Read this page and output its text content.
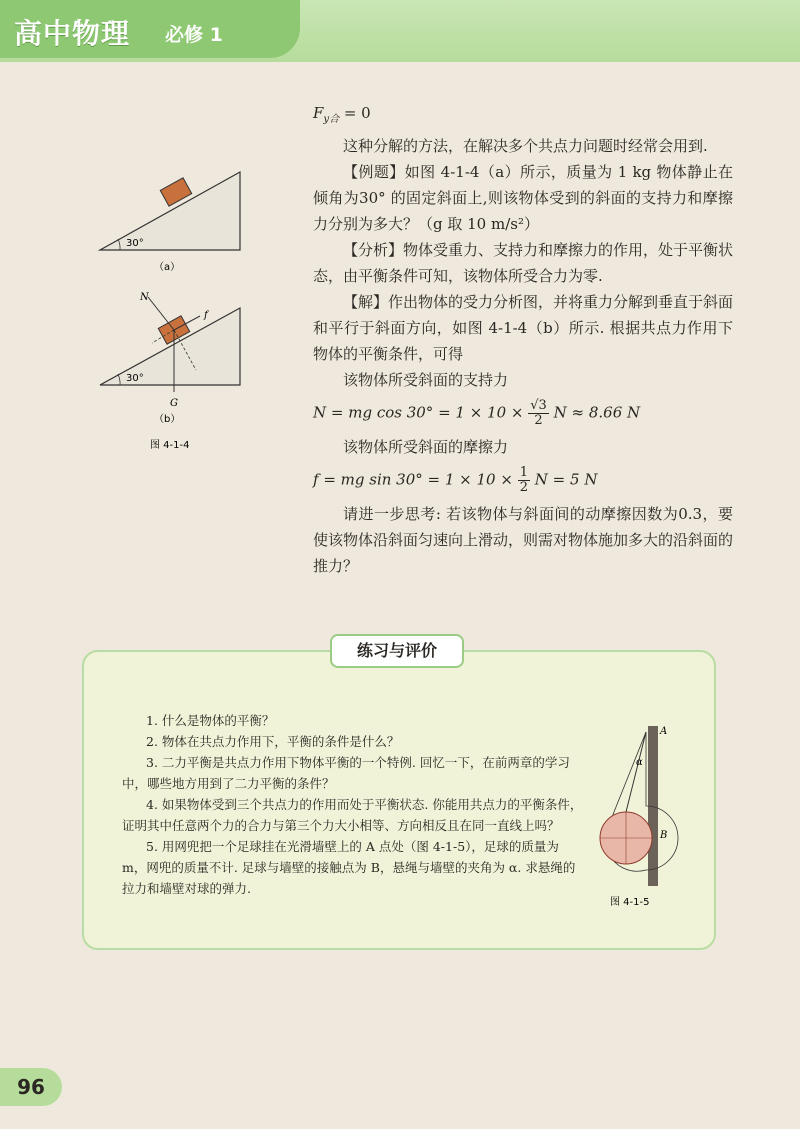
高中物理 必修 1
30°
（a）
N
f
G
30°
（b）
图 4-1-4

$F_{y合} = 0$

这种分解的方法，在解决多个共点力问题时经常会用到.

【例题】如图 4-1-4（a）所示，质量为 1 kg 物体静止在倾角为30° 的固定斜面上,则该物体受到的斜面的支持力和摩擦力分别为多大？（g 取 10 m/s²）

【分析】物体受重力、支持力和摩擦力的作用，处于平衡状态，由平衡条件可知，该物体所受合力为零.

【解】作出物体的受力分析图，并将重力分解到垂直于斜面和平行于斜面方向，如图 4-1-4（b）所示. 根据共点力作用下物体的平衡条件，可得

该物体所受斜面的支持力

N = mg $\cos 30^\circ = 1 \times 10 \times \frac{√3}{2}$ N ≈ 8.66 N

该物体所受斜面的摩擦力

f = mg $\sin 30^\circ = 1 \times 10 \times \frac{1}{2}$ N = 5 N

请进一步思考: 若该物体与斜面间的动摩擦因数为0.3，要使该物体沿斜面匀速向上滑动，则需对物体施加多大的沿斜面的推力？

练习与评价

1. 什么是物体的平衡？

2. 物体在共点力作用下，平衡的条件是什么？

3. 二力平衡是共点力作用下物体平衡的一个特例. 回忆一下，在前两章的学习中，哪些地方用到了二力平衡的条件？

4. 如果物体受到三个共点力的作用而处于平衡状态. 你能用共点力的平衡条件，证明其中任意两个力的合力与第三个力大小相等、方向相反且在同一直线上吗？

5. 用网兜把一个足球挂在光滑墙壁上的 A 点处（图 4-1-5），足球的质量为 m，网兜的质量不计. 足球与墙壁的接触点为 B，悬绳与墙壁的夹角为 α. 求悬绳的拉力和墙壁对球的弹力.

A
B
α
图 4-1-5
96
